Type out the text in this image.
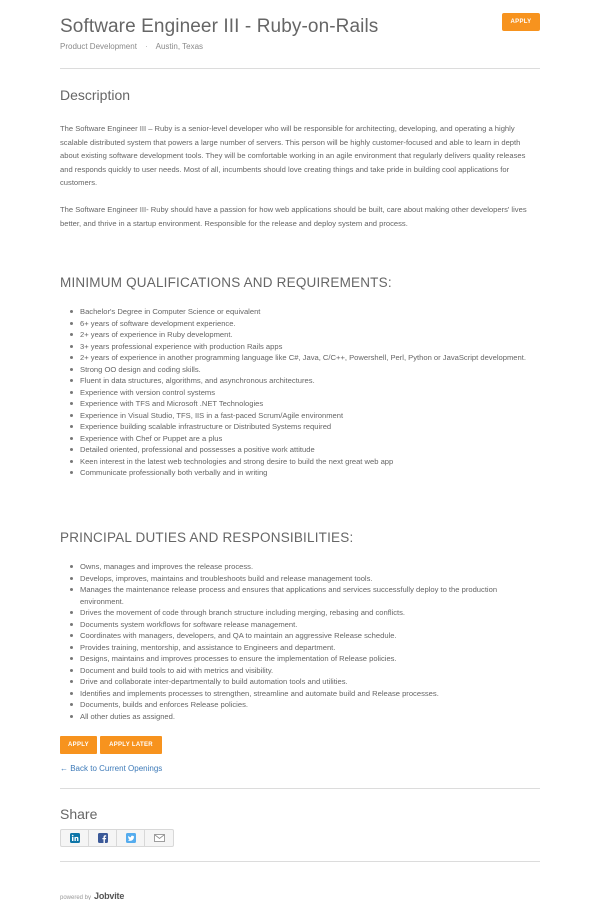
Software Engineer III - Ruby-on-Rails	APPLY
Product Development · Austin, Texas
Description

The Software Engineer III – Ruby is a senior-level developer who will be responsible for architecting, developing, and operating a highly scalable distributed system that powers a large number of servers. This person will be highly customer-focused and able to learn in depth about existing software development tools. They will be comfortable working in an agile environment that regularly delivers quality releases and responds quickly to user needs. Most of all, incumbents should love creating things and take pride in building cool applications for customers.

The Software Engineer III- Ruby should have a passion for how web applications should be built, care about making other developers' lives better, and thrive in a startup environment. Responsible for the release and deploy system and process.

MINIMUM QUALIFICATIONS AND REQUIREMENTS:
Bachelor's Degree in Computer Science or equivalent
6+ years of software development experience.
2+ years of experience in Ruby development.
3+ years professional experience with production Rails apps
2+ years of experience in another programming language like C#, Java, C/C++, Powershell, Perl, Python or JavaScript development.
Strong OO design and coding skills.
Fluent in data structures, algorithms, and asynchronous architectures.
Experience with version control systems
Experience with TFS and Microsoft .NET Technologies
Experience in Visual Studio, TFS, IIS in a fast-paced Scrum/Agile environment
Experience building scalable infrastructure or Distributed Systems required
Experience with Chef or Puppet are a plus
Detailed oriented, professional and possesses a positive work attitude
Keen interest in the latest web technologies and strong desire to build the next great web app
Communicate professionally both verbally and in writing
PRINCIPAL DUTIES AND RESPONSIBILITIES:
Owns, manages and improves the release process.
Develops, improves, maintains and troubleshoots build and release management tools.
Manages the maintenance release process and ensures that applications and services successfully deploy to the production environment.
Drives the movement of code through branch structure including merging, rebasing and conflicts.
Documents system workflows for software release management.
Coordinates with managers, developers, and QA to maintain an aggressive Release schedule.
Provides training, mentorship, and assistance to Engineers and department.
Designs, maintains and improves processes to ensure the implementation of Release policies.
Document and build tools to aid with metrics and visibility.
Drive and collaborate inter-departmentally to build automation tools and utilities.
Identifies and implements processes to strengthen, streamline and automate build and Release processes.
Documents, builds and enforces Release policies.
All other duties as assigned.
APPLY	APPLY LATER
← Back to Current Openings
Share
powered by Jobvite
